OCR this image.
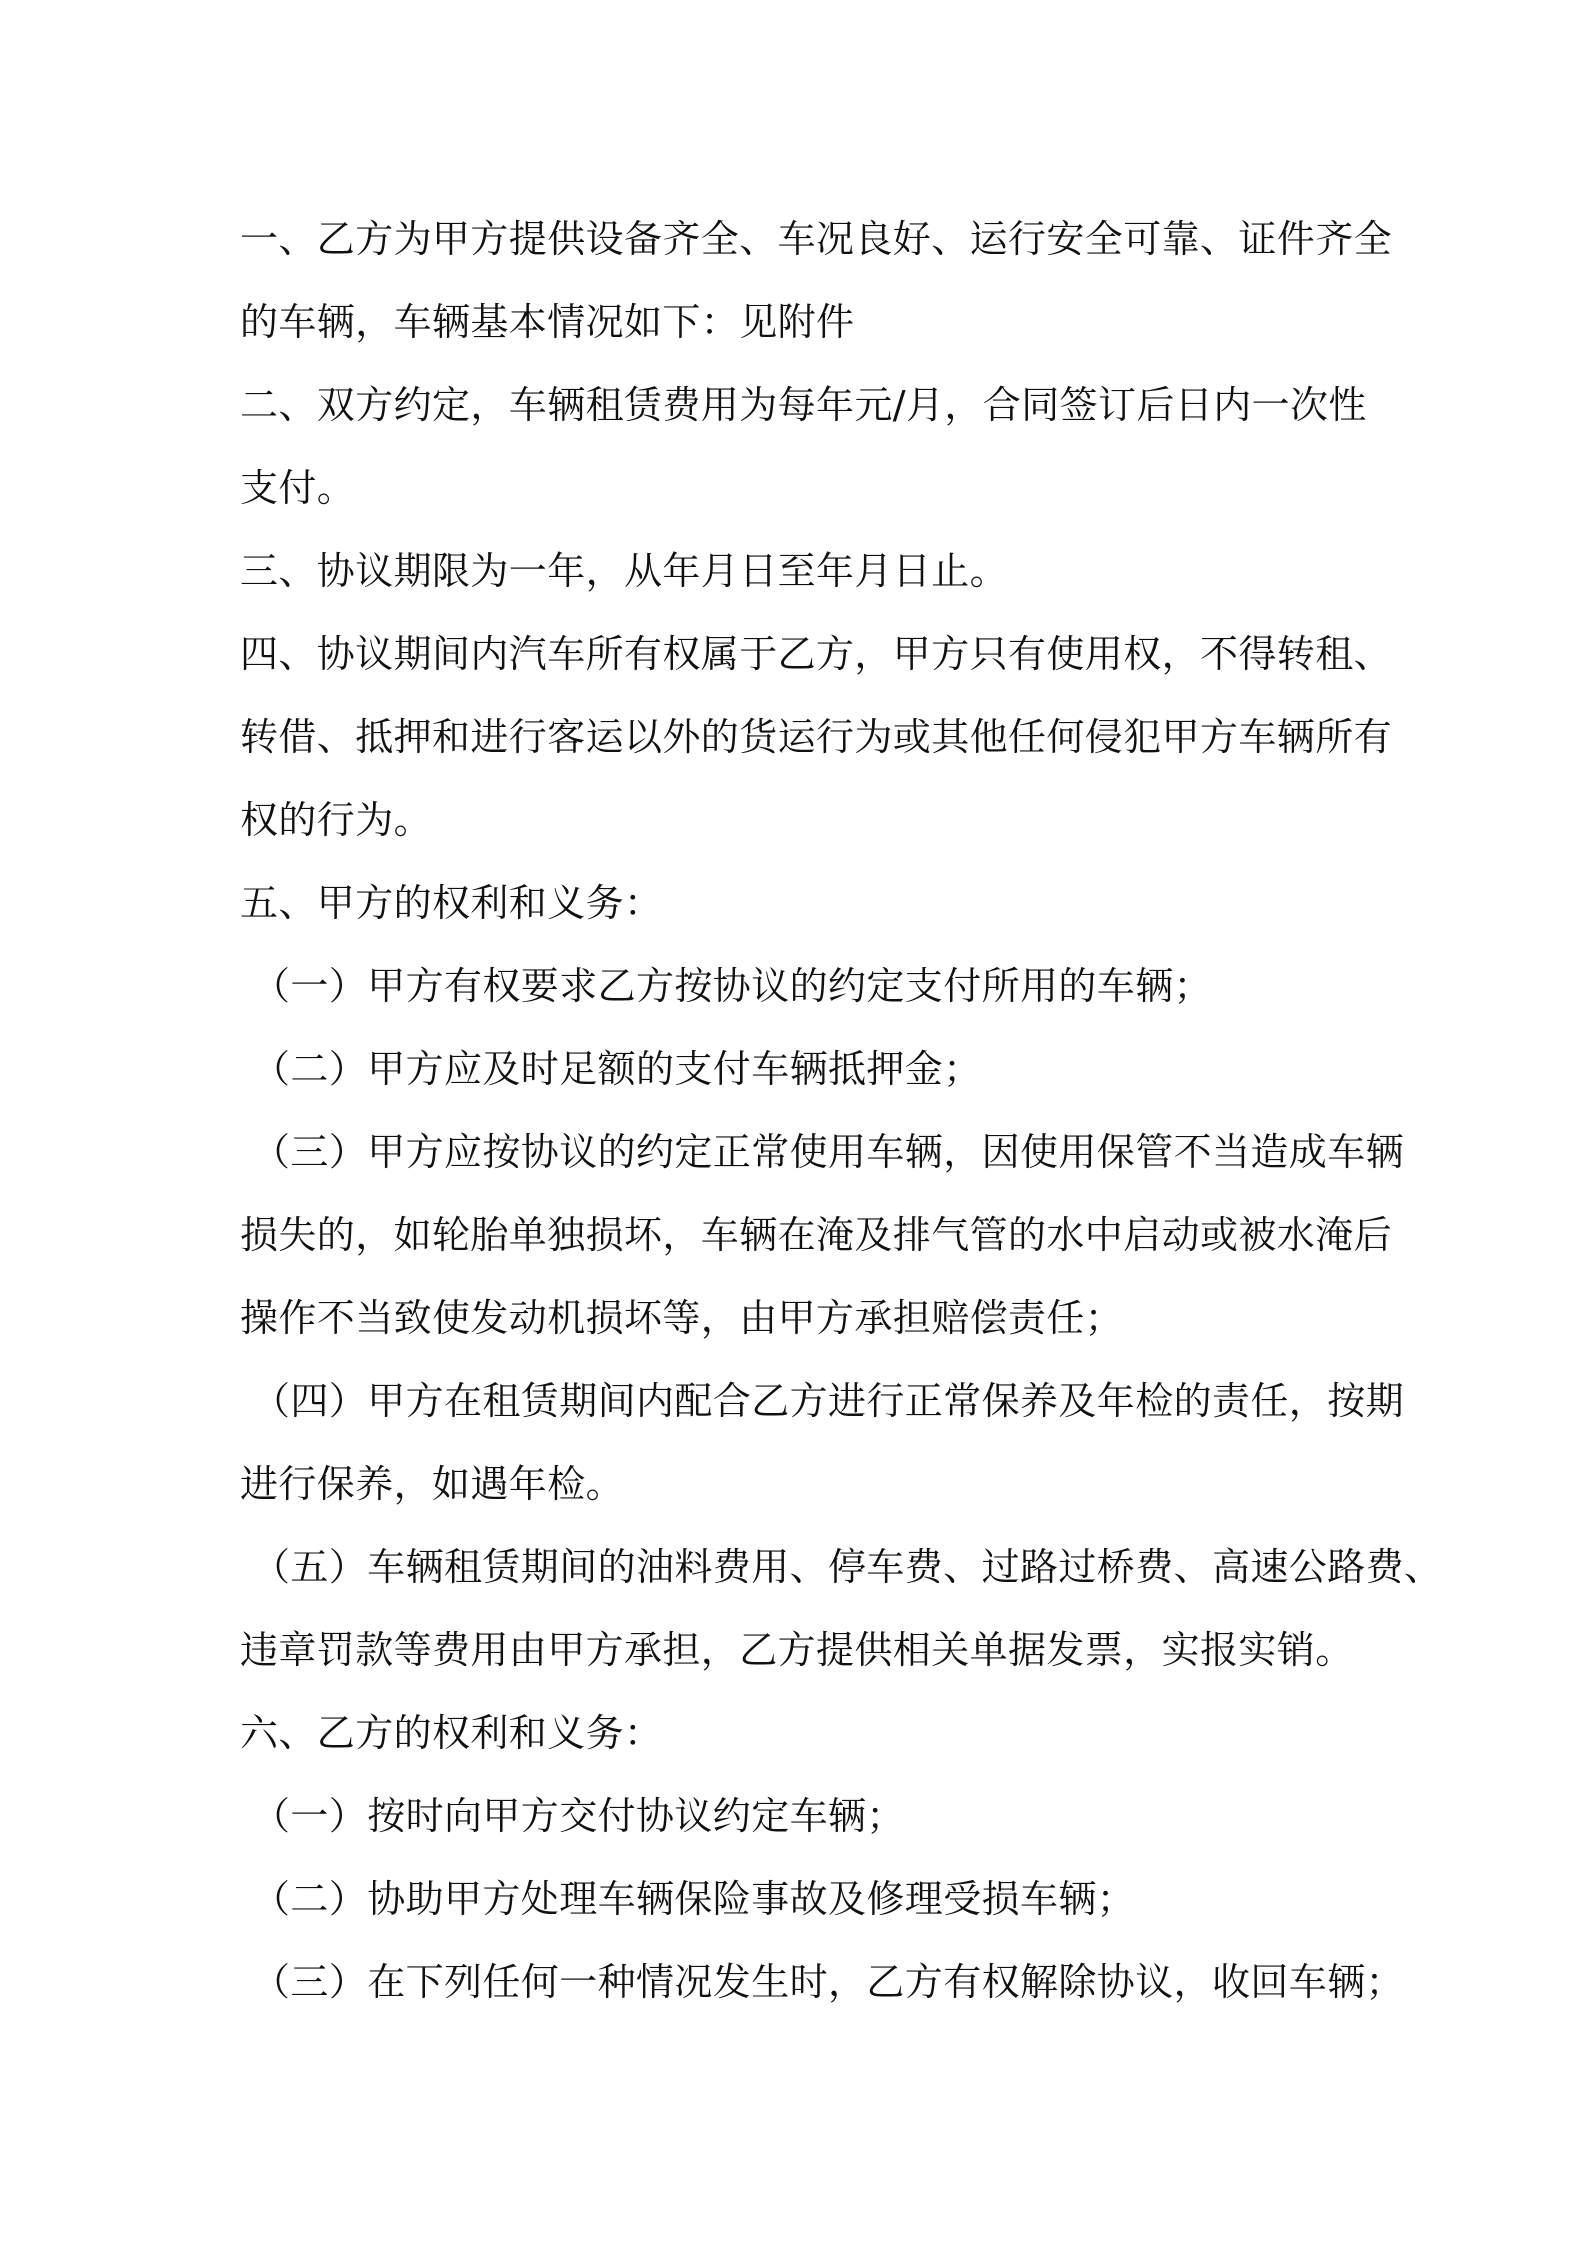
一、乙方为甲方提供设备齐全、车况良好、运行安全可靠、证件齐全
的车辆，车辆基本情况如下：见附件

二、双方约定，车辆租赁费用为每年元/月，合同签订后日内一次性
支付。

三、协议期限为一年，从年月日至年月日止。

四、协议期间内汽车所有权属于乙方，甲方只有使用权，不得转租、
转借、抵押和进行客运以外的货运行为或其他任何侵犯甲方车辆所有
权的行为。

五、甲方的权利和义务：

（一）甲方有权要求乙方按协议的约定支付所用的车辆；

（二）甲方应及时足额的支付车辆抵押金；

（三）甲方应按协议的约定正常使用车辆，因使用保管不当造成车辆
损失的，如轮胎单独损坏，车辆在淹及排气管的水中启动或被水淹后
操作不当致使发动机损坏等，由甲方承担赔偿责任；

（四）甲方在租赁期间内配合乙方进行正常保养及年检的责任，按期
进行保养，如遇年检。

（五）车辆租赁期间的油料费用、停车费、过路过桥费、高速公路费、
违章罚款等费用由甲方承担，乙方提供相关单据发票，实报实销。

六、乙方的权利和义务：

（一）按时向甲方交付协议约定车辆；

（二）协助甲方处理车辆保险事故及修理受损车辆；

（三）在下列任何一种情况发生时，乙方有权解除协议，收回车辆；
